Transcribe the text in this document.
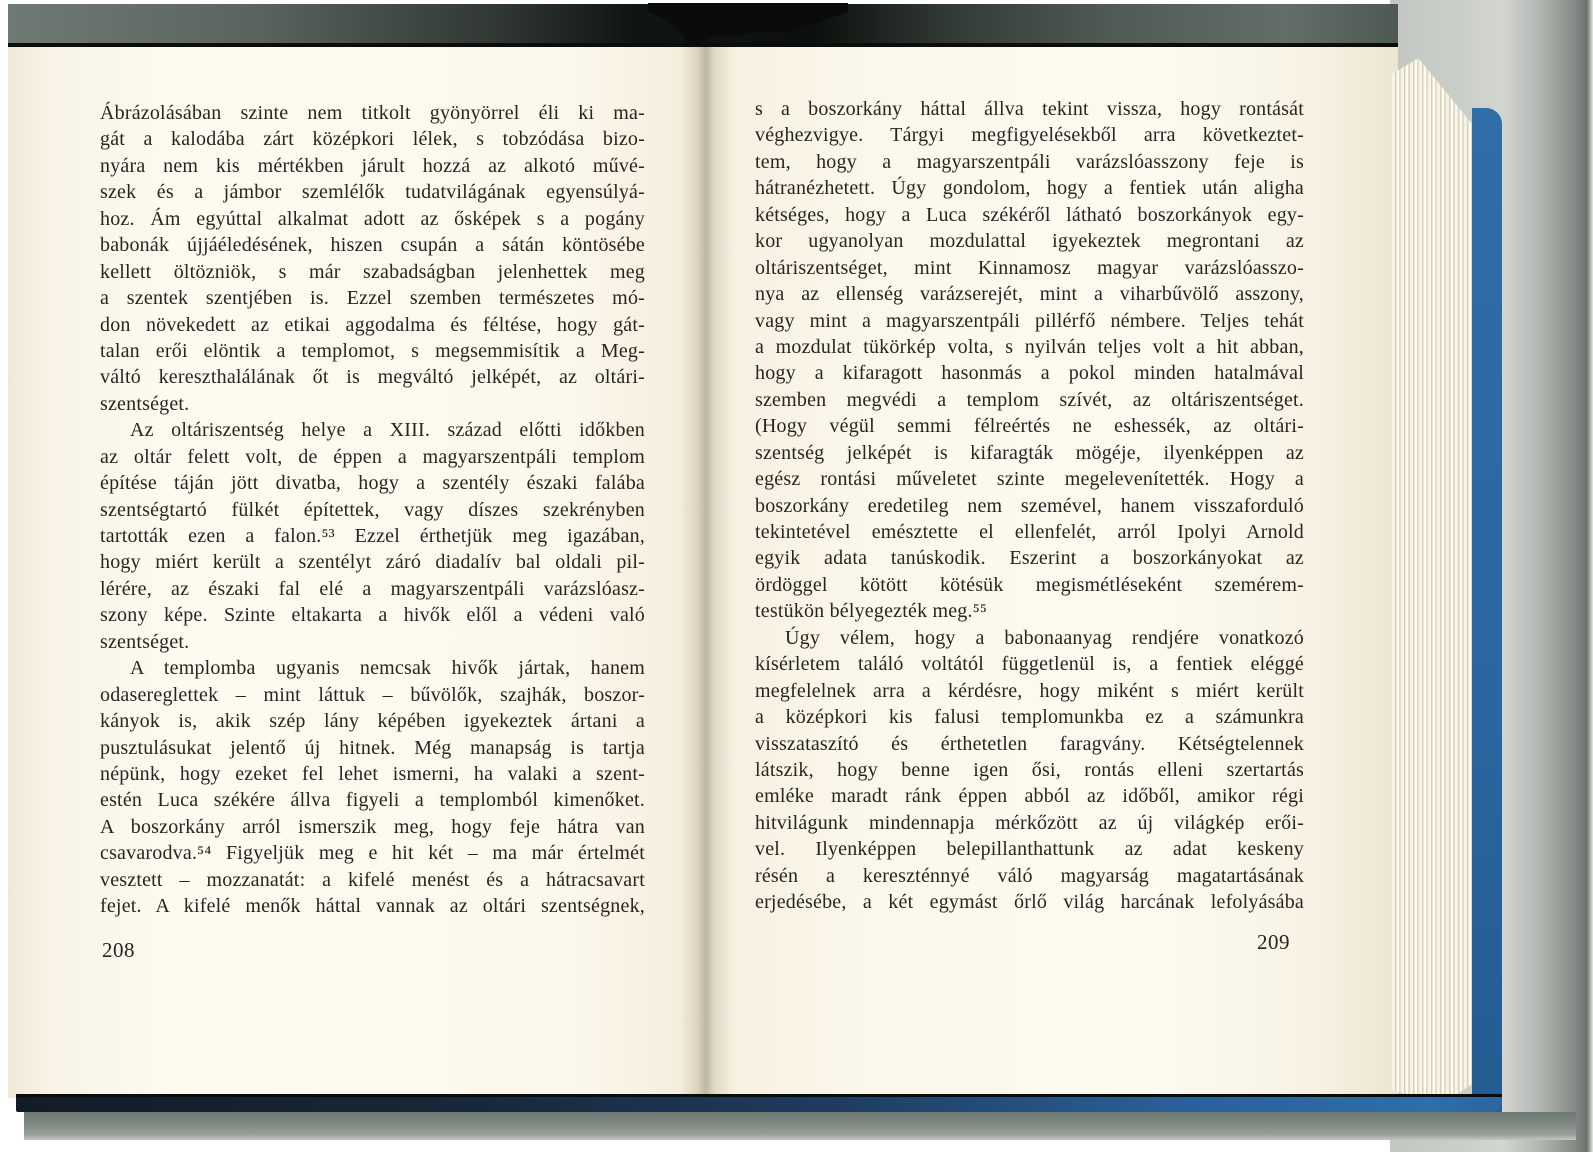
Ábrázolásában szinte nem titkolt gyönyörrel éli ki ma-
gát a kalodába zárt középkori lélek, s tobzódása bizo-
nyára nem kis mértékben járult hozzá az alkotó művé-
szek és a jámbor szemlélők tudatvilágának egyensúlyá-
hoz. Ám egyúttal alkalmat adott az ősképek s a pogány
babonák újjáéledésének, hiszen csupán a sátán köntösébe
kellett öltözniök, s már szabadságban jelenhettek meg
a szentek szentjében is. Ezzel szemben természetes mó-
don növekedett az etikai aggodalma és féltése, hogy gát-
talan erői elöntik a templomot, s megsemmisítik a Meg-
váltó kereszthalálának őt is megváltó jelképét, az oltári-
szentséget.
Az oltáriszentség helye a XIII. század előtti időkben
az oltár felett volt, de éppen a magyarszentpáli templom
építése táján jött divatba, hogy a szentély északi falába
szentségtartó fülkét építettek, vagy díszes szekrényben
tartották ezen a falon.⁵³ Ezzel érthetjük meg igazában,
hogy miért került a szentélyt záró diadalív bal oldali pil-
lérére, az északi fal elé a magyarszentpáli varázslóasz-
szony képe. Szinte eltakarta a hivők elől a védeni való
szentséget.
A templomba ugyanis nemcsak hivők jártak, hanem
odasereglettek – mint láttuk – bűvölők, szajhák, boszor-
kányok is, akik szép lány képében igyekeztek ártani a
pusztulásukat jelentő új hitnek. Még manapság is tartja
népünk, hogy ezeket fel lehet ismerni, ha valaki a szent-
estén Luca székére állva figyeli a templomból kimenőket.
A boszorkány arról ismerszik meg, hogy feje hátra van
csavarodva.⁵⁴ Figyeljük meg e hit két – ma már értelmét
vesztett – mozzanatát: a kifelé menést és a hátracsavart
fejet. A kifelé menők háttal vannak az oltári szentségnek,
s a boszorkány háttal állva tekint vissza, hogy rontását
véghezvigye. Tárgyi megfigyelésekből arra következtet-
tem, hogy a magyarszentpáli varázslóasszony feje is
hátranézhetett. Úgy gondolom, hogy a fentiek után aligha
kétséges, hogy a Luca székéről látható boszorkányok egy-
kor ugyanolyan mozdulattal igyekeztek megrontani az
oltáriszentséget, mint Kinnamosz magyar varázslóasszo-
nya az ellenség varázserejét, mint a viharbűvölő asszony,
vagy mint a magyarszentpáli pillérfő némbere. Teljes tehát
a mozdulat tükörkép volta, s nyilván teljes volt a hit abban,
hogy a kifaragott hasonmás a pokol minden hatalmával
szemben megvédi a templom szívét, az oltáriszentséget.
(Hogy végül semmi félreértés ne eshessék, az oltári-
szentség jelképét is kifaragták mögéje, ilyenképpen az
egész rontási műveletet szinte megelevenítették. Hogy a
boszorkány eredetileg nem szemével, hanem visszaforduló
tekintetével emésztette el ellenfelét, arról Ipolyi Arnold
egyik adata tanúskodik. Eszerint a boszorkányokat az
ördöggel kötött kötésük megismétléseként szemérem-
testükön bélyegezték meg.⁵⁵
Úgy vélem, hogy a babonaanyag rendjére vonatkozó
kísérletem találó voltától függetlenül is, a fentiek eléggé
megfelelnek arra a kérdésre, hogy miként s miért került
a középkori kis falusi templomunkba ez a számunkra
visszataszító és érthetetlen faragvány. Kétségtelennek
látszik, hogy benne igen ősi, rontás elleni szertartás
emléke maradt ránk éppen abból az időből, amikor régi
hitvilágunk mindennapja mérkőzött az új világkép erői-
vel. Ilyenképpen belepillanthattunk az adat keskeny
résén a kereszténnyé váló magyarság magatartásának
erjedésébe, a két egymást őrlő világ harcának lefolyásába
208	209
